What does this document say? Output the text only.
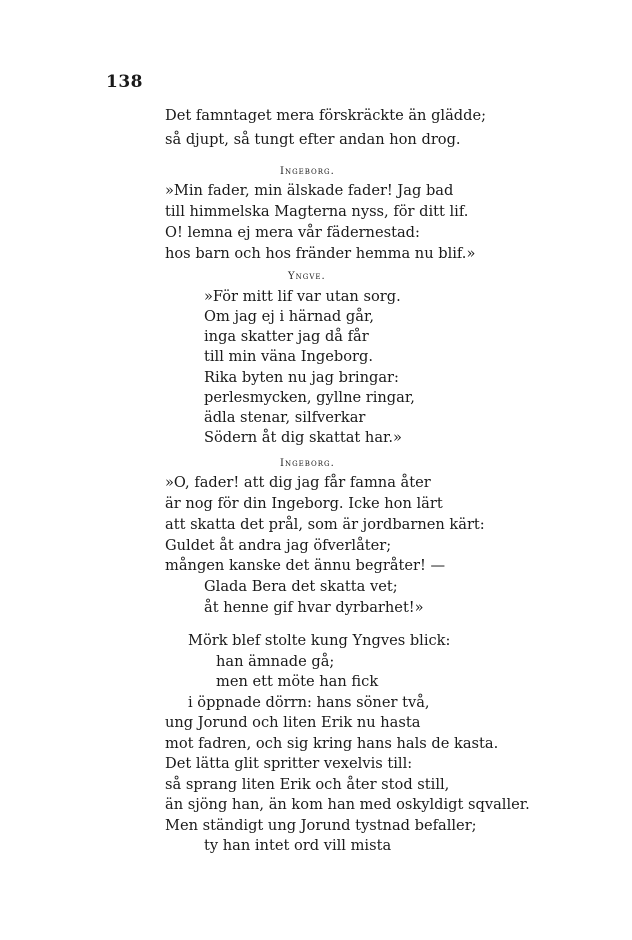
138
Det famntaget mera förskräckte än glädde;
så djupt, så tungt efter andan hon drog.
Ingeborg.
»Min fader, min älskade fader! Jag bad
till himmelska Magterna nyss, för ditt lif.
O! lemna ej mera vår fädernestad:
hos barn och hos fränder hemma nu blif.»
Yngve.
»För mitt lif var utan sorg.
Om jag ej i härnad går,
inga skatter jag då får
till min väna Ingeborg.
Rika byten nu jag bringar:
perlesmycken, gyllne ringar,
ädla stenar, silfverkar
Södern åt dig skattat har.»
Ingeborg.
»O, fader! att dig jag får famna åter
är nog för din Ingeborg. Icke hon lärt
att skatta det prål, som är jordbarnen kärt:
Guldet åt andra jag öfverlåter;
mången kanske det ännu begråter! —
Glada Bera det skatta vet;
åt henne gif hvar dyrbarhet!»
Mörk blef stolte kung Yngves blick:
han ämnade gå;
men ett möte han fick
i öppnade dörrn: hans söner två,
ung Jorund och liten Erik nu hasta
mot fadren, och sig kring hans hals de kasta.
Det lätta glit spritter vexelvis till:
så sprang liten Erik och åter stod still,
än sjöng han, än kom han med oskyldigt sqvaller.
Men ständigt ung Jorund tystnad befaller;
ty han intet ord vill mista
